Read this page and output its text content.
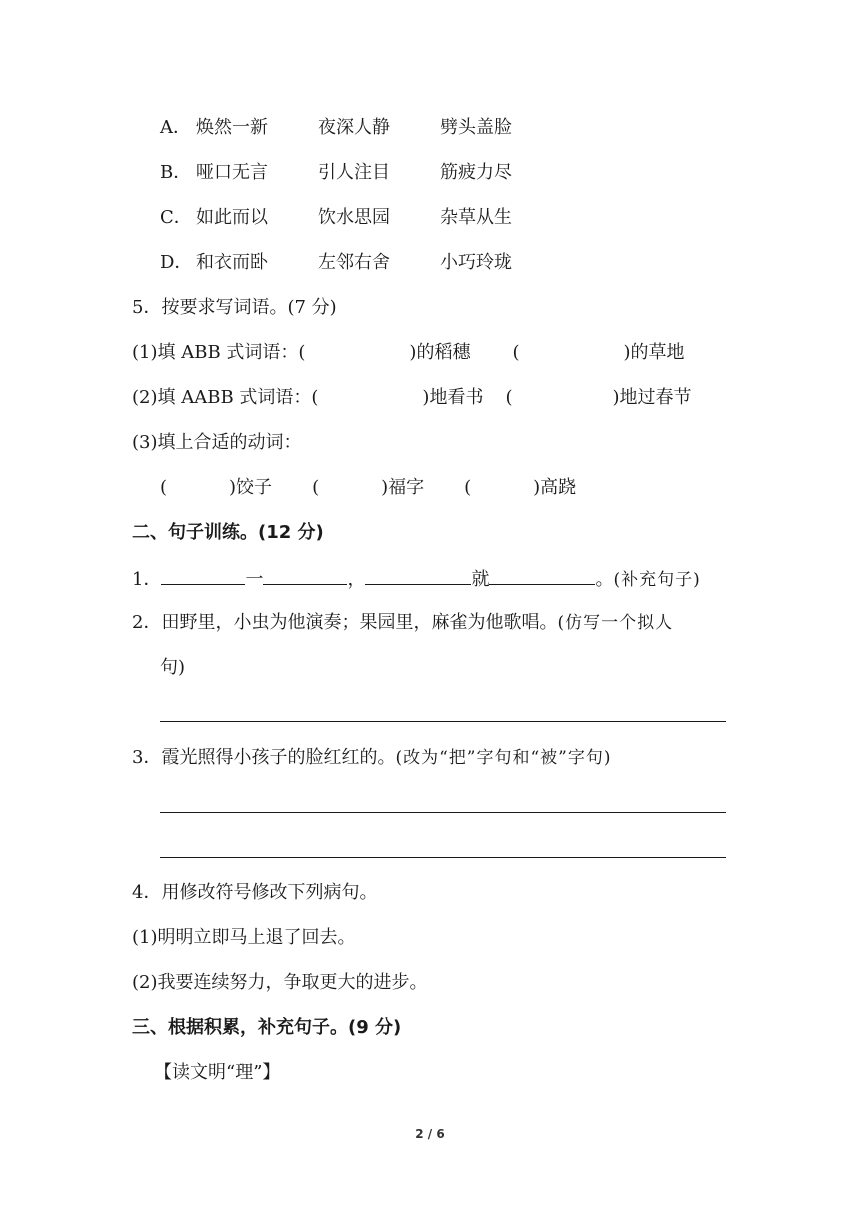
A． 焕然一新	夜深人静	劈头盖脸
B． 哑口无言	引人注目	筋疲力尽
C． 如此而以	饮水思园	杂草从生
D． 和衣而卧	左邻右舍	小巧玲珑
5．按要求写词语。(7 分)
(1)填 ABB 式词语：(	)的稻穗 (	)的草地
(2)填 AABB 式词语：(	)地看书 (	)地过春节
(3)填上合适的动词：
(	)饺子 (	)福字 (	)高跷
二、句子训练。(12 分)
1．	一	，	就	。(补充句子)
2．田野里，小虫为他演奏；果园里，麻雀为他歌唱。(仿写一个拟人
句)
3．霞光照得小孩子的脸红红的。(改为“把”字句和“被”字句)
4．用修改符号修改下列病句。
(1)明明立即马上退了回去。
(2)我要连续努力，争取更大的进步。
三、根据积累，补充句子。(9 分)
【读文明“理”】
2 / 6
